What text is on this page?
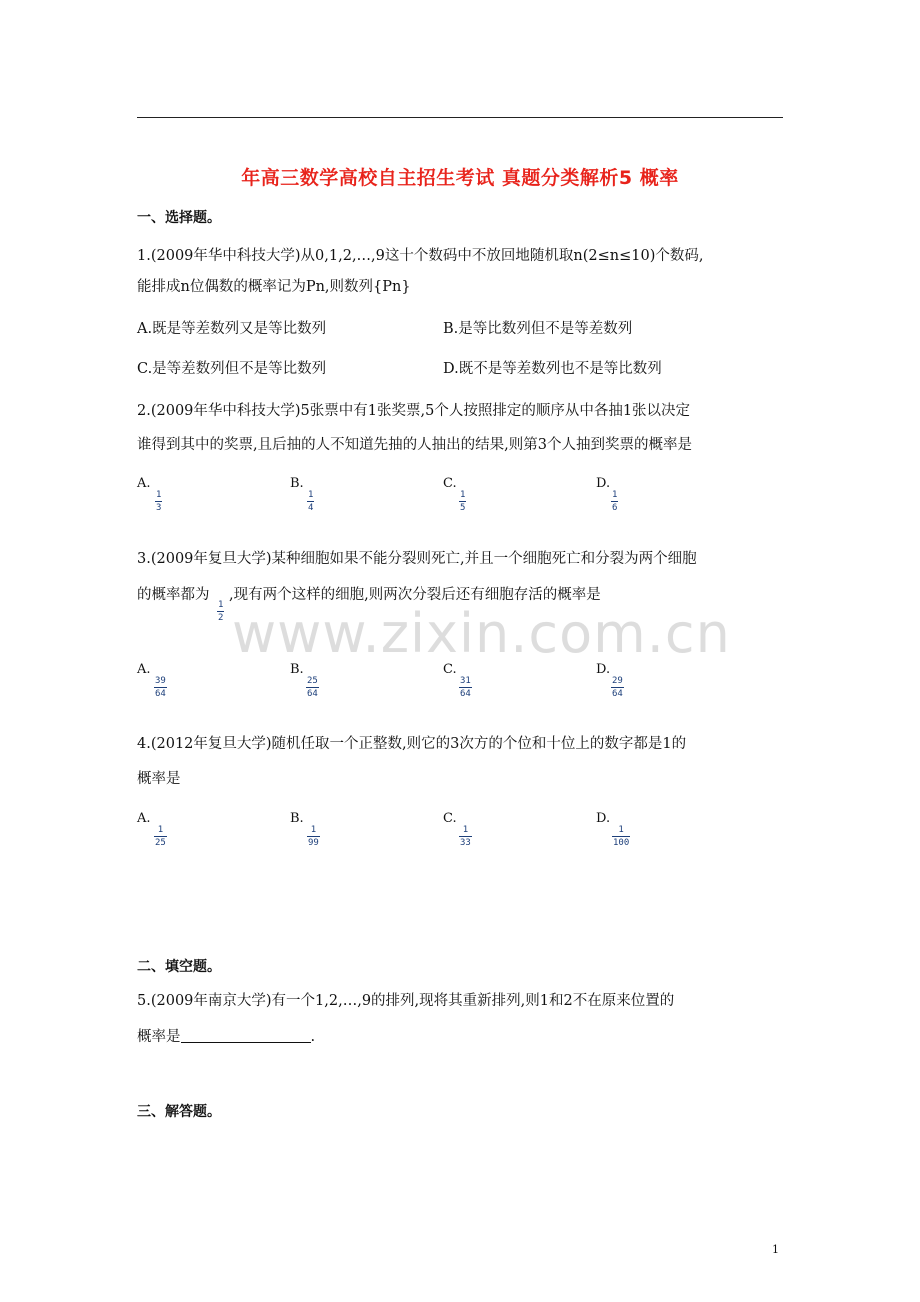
年高三数学高校自主招生考试 真题分类解析5 概率
www.zixin.com.cn
一、选择题。
1.(2009年华中科技大学)从0,1,2,…,9这十个数码中不放回地随机取n(2≤n≤10)个数码,
能排成n位偶数的概率记为Pn,则数列{Pn}
A.既是等差数列又是等比数列	B.是等比数列但不是等差数列
C.是等差数列但不是等比数列	D.既不是等差数列也不是等比数列
2.(2009年华中科技大学)5张票中有1张奖票,5个人按照排定的顺序从中各抽1张以决定
谁得到其中的奖票,且后抽的人不知道先抽的人抽出的结果,则第3个人抽到奖票的概率是
A.
1
3
B.
1
4
C.
1
5
D.
1
6
3.(2009年复旦大学)某种细胞如果不能分裂则死亡,并且一个细胞死亡和分裂为两个细胞
的概率都为
1
2
,现有两个这样的细胞,则两次分裂后还有细胞存活的概率是
A.
39
64
B.
25
64
C.
31
64
D.
29
64
4.(2012年复旦大学)随机任取一个正整数,则它的3次方的个位和十位上的数字都是1的
概率是
A.
1
25
B.
1
99
C.
1
33
D.
1
100
二、填空题。
5.(2009年南京大学)有一个1,2,…,9的排列,现将其重新排列,则1和2不在原来位置的
概率是	.
三、解答题。
1
